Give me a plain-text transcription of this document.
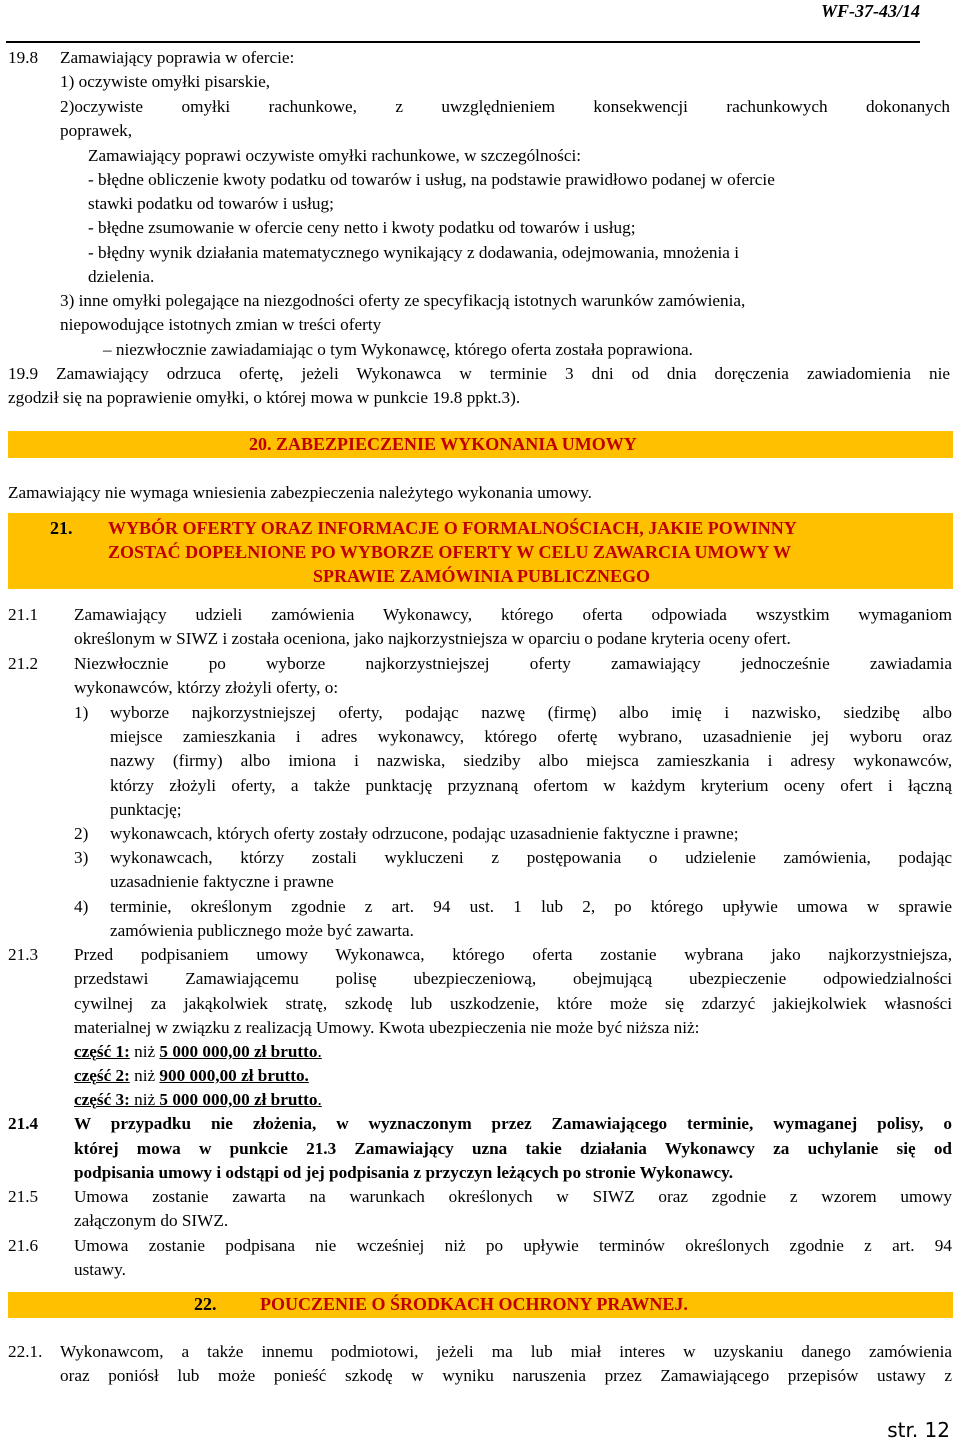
WF-37-43/14
19.8 Zamawiający poprawia w ofercie:
1) oczywiste omyłki pisarskie,
2)oczywiste omyłki rachunkowe, z uwzględnieniem konsekwencji rachunkowych dokonanych
poprawek,
Zamawiający poprawi oczywiste omyłki rachunkowe, w szczególności:
- błędne obliczenie kwoty podatku od towarów i usług, na podstawie prawidłowo podanej w ofercie
stawki podatku od towarów i usług;
- błędne zsumowanie w ofercie ceny netto i kwoty podatku od towarów i usług;
- błędny wynik działania matematycznego wynikający z dodawania, odejmowania, mnożenia i
dzielenia.
3) inne omyłki polegające na niezgodności oferty ze specyfikacją istotnych warunków zamówienia,
niepowodujące istotnych zmian w treści oferty
– niezwłocznie zawiadamiając o tym Wykonawcę, którego oferta została poprawiona.
19.9 Zamawiający odrzuca ofertę, jeżeli Wykonawca w terminie 3 dni od dnia doręczenia zawiadomienia nie
zgodził się na poprawienie omyłki, o której mowa w punkcie 19.8 ppkt.3).
20. ZABEZPIECZENIE WYKONANIA UMOWY
Zamawiający nie wymaga wniesienia zabezpieczenia należytego wykonania umowy.
21. WYBÓR OFERTY ORAZ INFORMACJE O FORMALNOŚCIACH, JAKIE POWINNY
ZOSTAĆ DOPEŁNIONE PO WYBORZE OFERTY W CELU ZAWARCIA UMOWY W
SPRAWIE ZAMÓWINIA PUBLICZNEGO
21.1 Zamawiający udzieli zamówienia Wykonawcy, którego oferta odpowiada wszystkim wymaganiom
określonym w SIWZ i została oceniona, jako najkorzystniejsza w oparciu o podane kryteria oceny ofert.
21.2 Niezwłocznie po wyborze najkorzystniejszej oferty zamawiający jednocześnie zawiadamia
wykonawców, którzy złożyli oferty, o:
1) wyborze najkorzystniejszej oferty, podając nazwę (firmę) albo imię i nazwisko, siedzibę albo
miejsce zamieszkania i adres wykonawcy, którego ofertę wybrano, uzasadnienie jej wyboru oraz
nazwy (firmy) albo imiona i nazwiska, siedziby albo miejsca zamieszkania i adresy wykonawców,
którzy złożyli oferty, a także punktację przyznaną ofertom w każdym kryterium oceny ofert i łączną
punktację;
2) wykonawcach, których oferty zostały odrzucone, podając uzasadnienie faktyczne i prawne;
3) wykonawcach, którzy zostali wykluczeni z postępowania o udzielenie zamówienia, podając
uzasadnienie faktyczne i prawne
4) terminie, określonym zgodnie z art. 94 ust. 1 lub 2, po którego upływie umowa w sprawie
zamówienia publicznego może być zawarta.
21.3 Przed podpisaniem umowy Wykonawca, którego oferta zostanie wybrana jako najkorzystniejsza,
przedstawi Zamawiającemu polisę ubezpieczeniową, obejmującą ubezpieczenie odpowiedzialności
cywilnej za jakąkolwiek stratę, szkodę lub uszkodzenie, które może się zdarzyć jakiejkolwiek własności
materialnej w związku z realizacją Umowy. Kwota ubezpieczenia nie może być niższa niż:
część 1: niż 5 000 000,00 zł brutto.
część 2: niż 900 000,00 zł brutto.
część 3: niż 5 000 000,00 zł brutto.
21.4 W przypadku nie złożenia, w wyznaczonym przez Zamawiającego terminie, wymaganej polisy, o
której mowa w punkcie 21.3 Zamawiający uzna takie działania Wykonawcy za uchylanie się od
podpisania umowy i odstąpi od jej podpisania z przyczyn leżących po stronie Wykonawcy.
21.5 Umowa zostanie zawarta na warunkach określonych w SIWZ oraz zgodnie z wzorem umowy
załączonym do SIWZ.
21.6 Umowa zostanie podpisana nie wcześniej niż po upływie terminów określonych zgodnie z art. 94
ustawy.
22. POUCZENIE O ŚRODKACH OCHRONY PRAWNEJ.
22.1. Wykonawcom, a także innemu podmiotowi, jeżeli ma lub miał interes w uzyskaniu danego zamówienia
oraz poniósł lub może ponieść szkodę w wyniku naruszenia przez Zamawiającego przepisów ustawy z
str. 12
